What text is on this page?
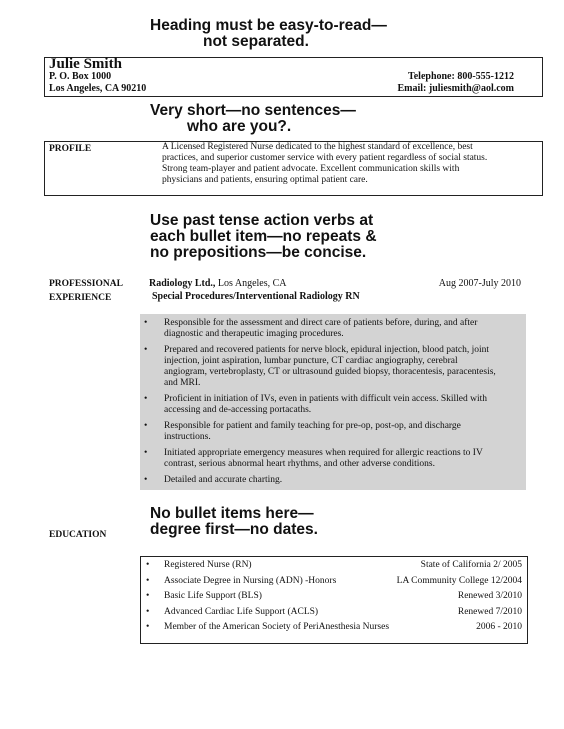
Heading must be easy-to-read—
not separated.
Julie Smith
P. O. Box 1000
Los Angeles, CA 90210
Telephone: 800-555-1212
Email: juliesmith@aol.com
Very short—no sentences—
who are you?.
PROFILE	A Licensed Registered Nurse dedicated to the highest standard of excellence, best
practices, and superior customer service with every patient regardless of social status.
Strong team-player and patient advocate. Excellent communication skills with
physicians and patients, ensuring optimal patient care.
Use past tense action verbs at
each bullet item—no repeats &
no prepositions—be concise.
PROFESSIONAL
EXPERIENCE
Radiology Ltd., Los Angeles, CA	Aug 2007-July 2010
Special Procedures/Interventional Radiology RN
• Responsible for the assessment and direct care of patients before, during, and after
diagnostic and therapeutic imaging procedures.
• Prepared and recovered patients for nerve block, epidural injection, blood patch, joint
injection, joint aspiration, lumbar puncture, CT cardiac angiography, cerebral
angiogram, vertebroplasty, CT or ultrasound guided biopsy, thoracentesis, paracentesis,
and MRI.
• Proficient in initiation of IVs, even in patients with difficult vein access. Skilled with
accessing and de-accessing portacaths.
• Responsible for patient and family teaching for pre-op, post-op, and discharge
instructions.
• Initiated appropriate emergency measures when required for allergic reactions to IV
contrast, serious abnormal heart rhythms, and other adverse conditions.
• Detailed and accurate charting.
No bullet items here—
degree first—no dates.
EDUCATION
• Registered Nurse (RN)	State of California 2/ 2005
• Associate Degree in Nursing (ADN) -Honors	LA Community College 12/2004
• Basic Life Support (BLS)	Renewed 3/2010
• Advanced Cardiac Life Support (ACLS)	Renewed 7/2010
• Member of the American Society of PeriAnesthesia Nurses	2006 - 2010
